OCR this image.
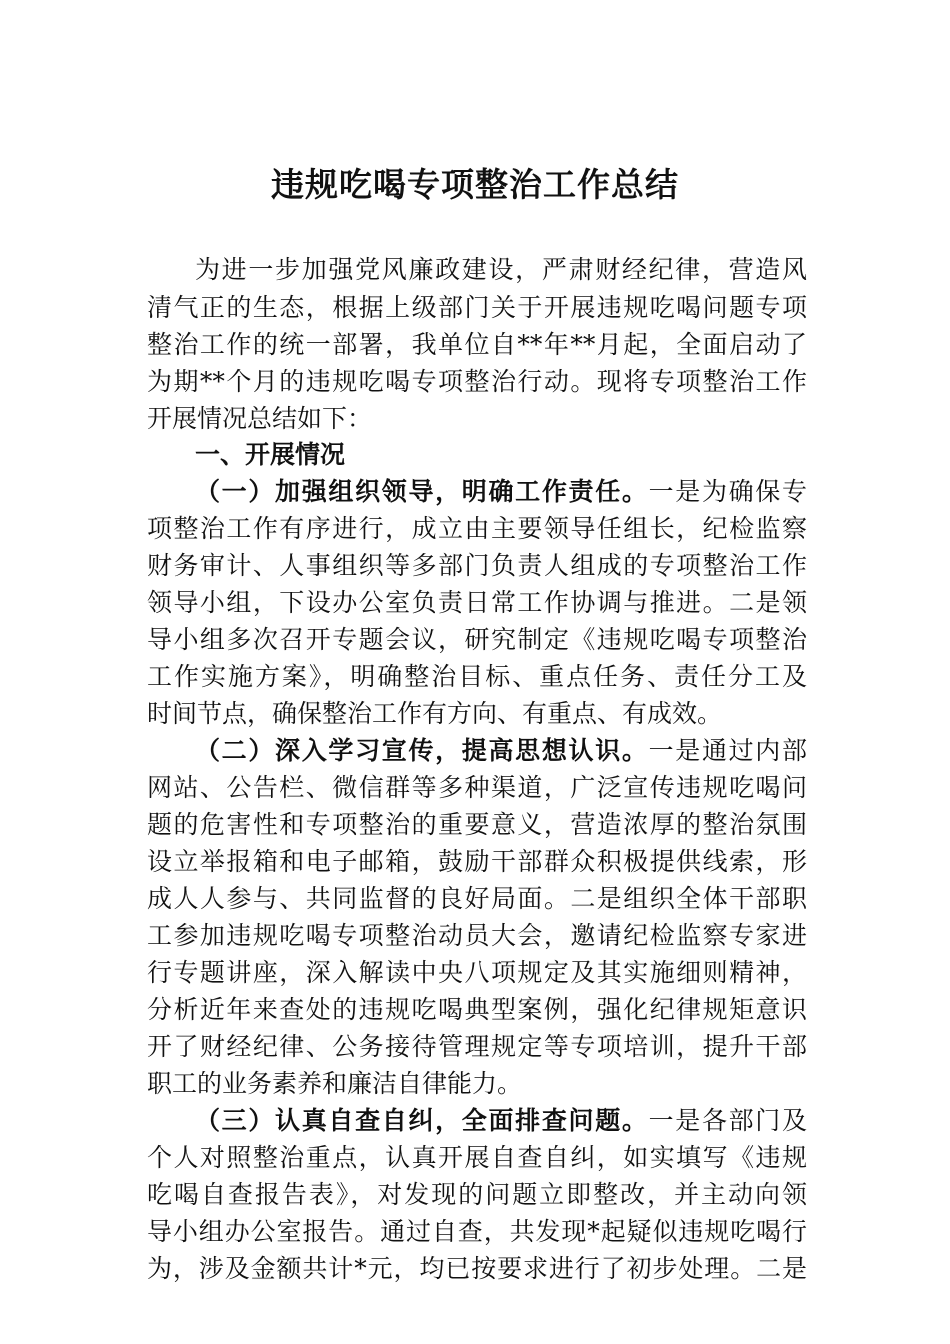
违规吃喝专项整治工作总结
为进一步加强党风廉政建设，严肃财经纪律，营造风
清气正的生态，根据上级部门关于开展违规吃喝问题专项
整治工作的统一部署，我单位自**年**月起，全面启动了
为期**个月的违规吃喝专项整治行动。现将专项整治工作
开展情况总结如下：
一、开展情况
（一）加强组织领导，明确工作责任。一是为确保专
项整治工作有序进行，成立由主要领导任组长，纪检监察
财务审计、人事组织等多部门负责人组成的专项整治工作
领导小组，下设办公室负责日常工作协调与推进。二是领
导小组多次召开专题会议，研究制定《违规吃喝专项整治
工作实施方案》，明确整治目标、重点任务、责任分工及
时间节点，确保整治工作有方向、有重点、有成效。
（二）深入学习宣传，提高思想认识。一是通过内部
网站、公告栏、微信群等多种渠道，广泛宣传违规吃喝问
题的危害性和专项整治的重要意义，营造浓厚的整治氛围
设立举报箱和电子邮箱，鼓励干部群众积极提供线索，形
成人人参与、共同监督的良好局面。二是组织全体干部职
工参加违规吃喝专项整治动员大会，邀请纪检监察专家进
行专题讲座，深入解读中央八项规定及其实施细则精神，
分析近年来查处的违规吃喝典型案例，强化纪律规矩意识
开了财经纪律、公务接待管理规定等专项培训，提升干部
职工的业务素养和廉洁自律能力。
（三）认真自查自纠，全面排查问题。一是各部门及
个人对照整治重点，认真开展自查自纠，如实填写《违规
吃喝自查报告表》，对发现的问题立即整改，并主动向领
导小组办公室报告。通过自查，共发现*起疑似违规吃喝行
为，涉及金额共计*元，均已按要求进行了初步处理。二是
